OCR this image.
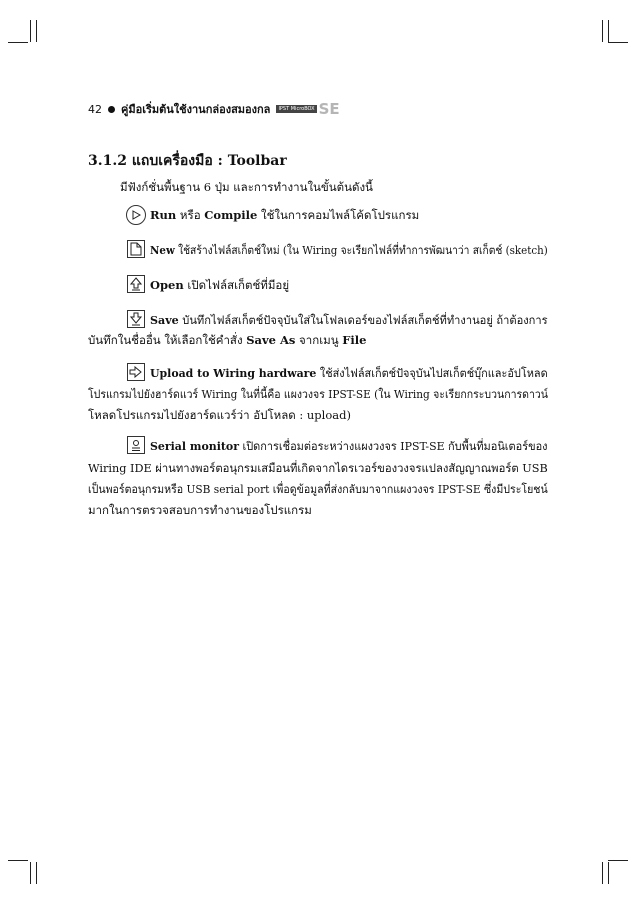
42 คู่มือเริ่มต้นใช้งานกล่องสมองกล	IPST MicroBOX SE
3.1.2 แถบเครื่องมือ : Toolbar
มีฟังก์ชั่นพื้นฐาน 6 ปุ่ม และการทำงานในขั้นต้นดังนี้
Run หรือ Compile ใช้ในการคอมไพล์โค้ดโปรแกรม
New ใช้สร้างไฟล์สเก็ตช์ใหม่ (ใน Wiring จะเรียกไฟล์ที่ทำการพัฒนาว่า สเก็ตช์ (sketch)
Open เปิดไฟล์สเก็ตช์ที่มีอยู่
Save บันทึกไฟล์สเก็ตช์ปัจจุบันใส่ในโฟลเดอร์ของไฟล์สเก็ตช์ที่ทำงานอยู่ ถ้าต้องการ
บันทึกในชื่ออื่น ให้เลือกใช้คำสั่ง Save As จากเมนู File
Upload to Wiring hardware ใช้ส่งไฟล์สเก็ตช์ปัจจุบันไปสเก็ตช์บุ๊กและอัปโหลด
โปรแกรมไปยังฮาร์ดแวร์ Wiring ในที่นี้คือ แผงวงจร IPST-SE (ใน Wiring จะเรียกกระบวนการดาวน์
โหลดโปรแกรมไปยังฮาร์ดแวร์ว่า อัปโหลด : upload)
Serial monitor เปิดการเชื่อมต่อระหว่างแผงวงจร IPST-SE กับพื้นที่มอนิเตอร์ของ
Wiring IDE ผ่านทางพอร์ตอนุกรมเสมือนที่เกิดจากไดรเวอร์ของวงจรแปลงสัญญาณพอร์ต USB
เป็นพอร์ตอนุกรมหรือ USB serial port เพื่อดูข้อมูลที่ส่งกลับมาจากแผงวงจร IPST-SE ซึ่งมีประโยชน์
มากในการตรวจสอบการทำงานของโปรแกรม
